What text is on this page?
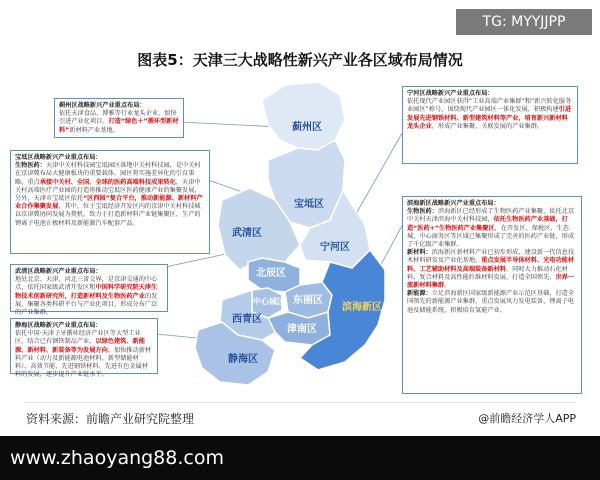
TG: MYYJJPP
图表5：天津三大战略性新兴产业各区域布局情况
蓟州区
宝坻区
武清区
宁河区
北辰区
中心城区 东丽区
西青区
津南区
静海区
滨海新区
蓟州区战略新兴产业重点布局：
依托天津食品、博雅等行业龙头企业，加快引进产业化项目。打造“绿色＋”循环型新材料”新材料产业基地。
宝坻区战略新兴产业重点布局：
生物医药：天津中关村科技园宝坻园区落地中关村科技园，是中关村在京津冀布局大健康板块的重要载体，园区将实施差异化的引育策略，重点承接中关村、全国、全球的医药高端科技成果转化，天津中关村高端医疗产业园的打造将推动宝坻区医药健康产业的集聚发展，另外，天津市宝坻区依托“区西园”复合平台，推动新能源、新材料产业合作集聚发展，其中，位于宝坻经济开发区内的京津中关村科技城以京津冀协同发展为契机，致力于打造新材料产业链集聚区，生产的锂离子电池正极材料及新能源汽车配套产品。
武清区战略新兴产业重点布局：
地处北京、天津、河北三省交界，是京津交通的中心点，依托国家级武清开发区和中国科学研究院天津生物技术创新研究所，打造新材料及生物医药产业的发展，集聚各类科研平台与产业化项目，形成分布广泛的产业集群。
静海区战略新兴产业重点布局：
依托中国·天津子牙循环经济产业区等大型工业区，结合已有钢铁制品产业，以绿色建筑、新能源、新材料、新装备等为发展方向，加快推动新材料产业（动力及新能源电池材料、新型储能材料）、高效节能、先进钢铁材料、先进有色金属材料的发展，逐步提升产业链水平。
宁河区战略新兴产业重点布局：
依托现代产业园区获得“工业高端产业集群”和“新兴转化服务业园区”称号，围绕现代产业园区一体化发展，积极构建引进发展先进钢铁材料、新型建筑材料等产业，培育新兴新材料龙头企业，形成产业集聚、关联发展的产业集群。
滨海新区战略新兴产业重点布局：
生物医药：滨海新区已经形成了生物医药产业集聚，依托北京中关村天津滨海中关村科技园，依托生物医药产业基础，打造“医药+”生物医药产业集聚区，在开发区、保税区、生态城、中心商务区等区域已集聚形成了完善的医药产业链，形成了千亿级产业集群。
新材料：滨海新区新材料产业已初步形成，建设新一代信息技术材料研发及产业化基地，重点发展半导体材料、光电功能材料、工艺辅助材料及高端装备新材料，同时大力推动石化材料、复合材料及高性能纤维材料发展，打造全国领先、世界一流新材料集群。
新能源：立足滨海新区国家级新能源产业示范区基础，打造全国领先的新能源产业集群，重点发展风力发电装备、锂离子电池及储能系统，积极培育氢能产业。
资料来源：前瞻产业研究院整理	@前瞻经济学人APP
www.zhaoyang88.com
